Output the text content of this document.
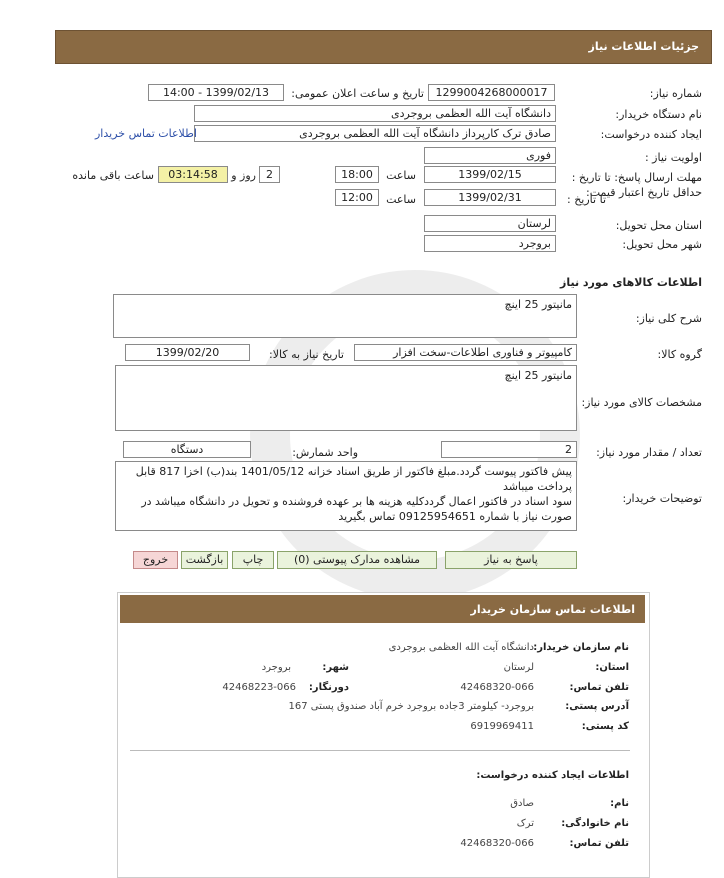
جزئیات اطلاعات نیاز
شماره نیاز:
1299004268000017
تاریخ و ساعت اعلان عمومی:
1399/02/13 - 14:00
نام دستگاه خریدار:
دانشگاه آیت الله العظمی بروجردی
ایجاد کننده درخواست:
صادق ترک کارپرداز دانشگاه آیت الله العظمی بروجردی
اطلاعات تماس خریدار
اولویت نیاز :
فوری
مهلت ارسال پاسخ: تا تاریخ :
1399/02/15
ساعت
18:00
2
روز و
03:14:58
ساعت باقی مانده
حداقل تاریخ اعتبار قیمت:
تا تاریخ :
1399/02/31
ساعت
12:00
استان محل تحویل:
لرستان
شهر محل تحویل:
بروجرد
اطلاعات کالاهای مورد نیاز
شرح کلی نیاز:
مانیتور 25 اینچ
گروه کالا:
کامپیوتر و فناوری اطلاعات-سخت افزار
تاریخ نیاز به کالا:
1399/02/20
مشخصات کالای مورد نیاز:
مانیتور 25 اینچ
تعداد / مقدار مورد نیاز:
2
واحد شمارش:
دستگاه
توضیحات خریدار:
پیش فاکتور پیوست گردد.مبلغ فاکتور از طریق اسناد خزانه 1401/05/12 بند(ب) اخزا 817 قابل پرداخت میباشد
سود اسناد در فاکتور اعمال گرددکلیه هزینه ها بر عهده فروشنده و تحویل در دانشگاه میباشد در صورت نیاز با شماره 09125954651 تماس بگیرید
پاسخ به نیاز
مشاهده مدارک پیوستی (0)
چاپ
بازگشت
خروج
اطلاعات تماس سازمان خریدار
نام سازمان خریدار:
دانشگاه آیت الله العظمی بروجردی
استان:
لرستان
شهر:
بروجرد
تلفن تماس:
42468320-066
دورنگار:
42468223-066
آدرس پستی:
بروجرد- کیلومتر 3جاده بروجرد خرم آباد صندوق پستی 167
کد پستی:
6919969411
اطلاعات ایجاد کننده درخواست:
نام:
صادق
نام خانوادگی:
ترک
تلفن تماس:
42468320-066
